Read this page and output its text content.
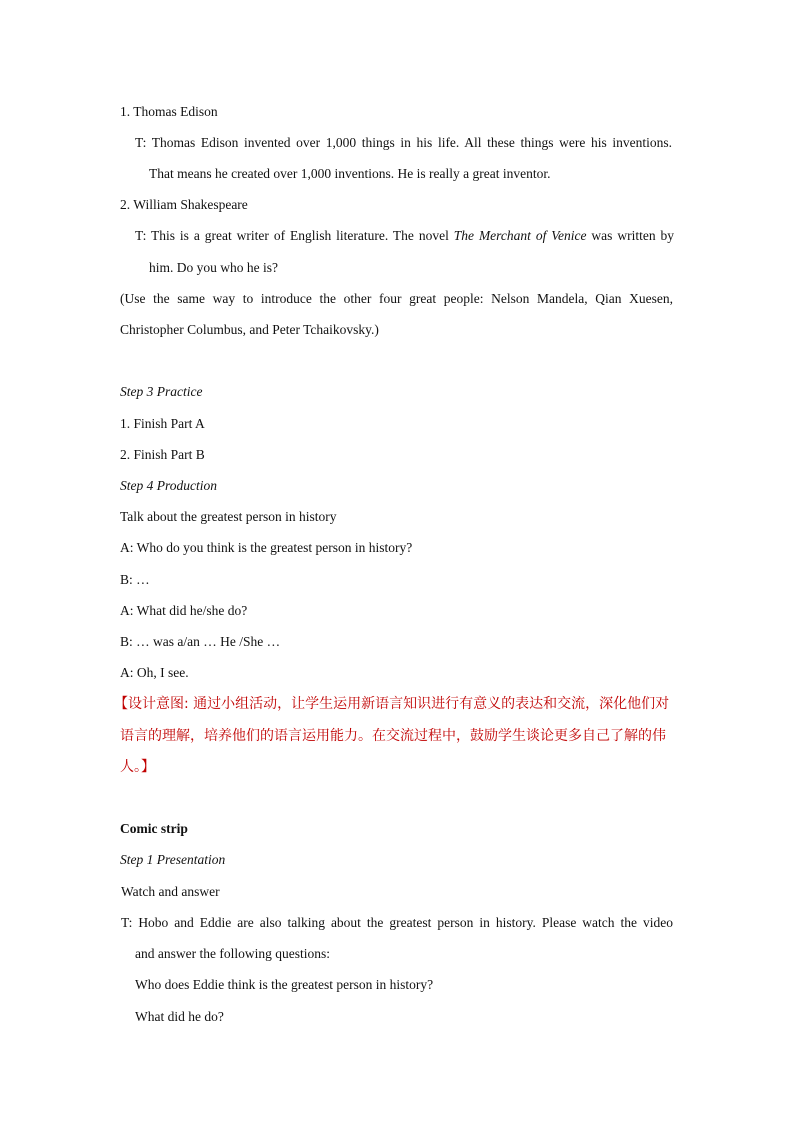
1. Thomas Edison
T: Thomas Edison invented over 1,000 things in his life. All these things were his inventions.
That means he created over 1,000 inventions. He is really a great inventor.
2. William Shakespeare
T: This is a great writer of English literature. The novel The Merchant of Venice was written by
him. Do you who he is?
(Use the same way to introduce the other four great people: Nelson Mandela, Qian Xuesen,
Christopher Columbus, and Peter Tchaikovsky.)
Step 3 Practice
1. Finish Part A
2. Finish Part B
Step 4 Production
Talk about the greatest person in history
A: Who do you think is the greatest person in history?
B: …
A: What did he/she do?
B: … was a/an … He /She …
A: Oh, I see.
【设计意图: 通过小组活动，让学生运用新语言知识进行有意义的表达和交流，深化他们对
语言的理解，培养他们的语言运用能力。在交流过程中，鼓励学生谈论更多自己了解的伟
人。】
Comic strip
Step 1 Presentation
Watch and answer
T: Hobo and Eddie are also talking about the greatest person in history. Please watch the video
and answer the following questions:
Who does Eddie think is the greatest person in history?
What did he do?
